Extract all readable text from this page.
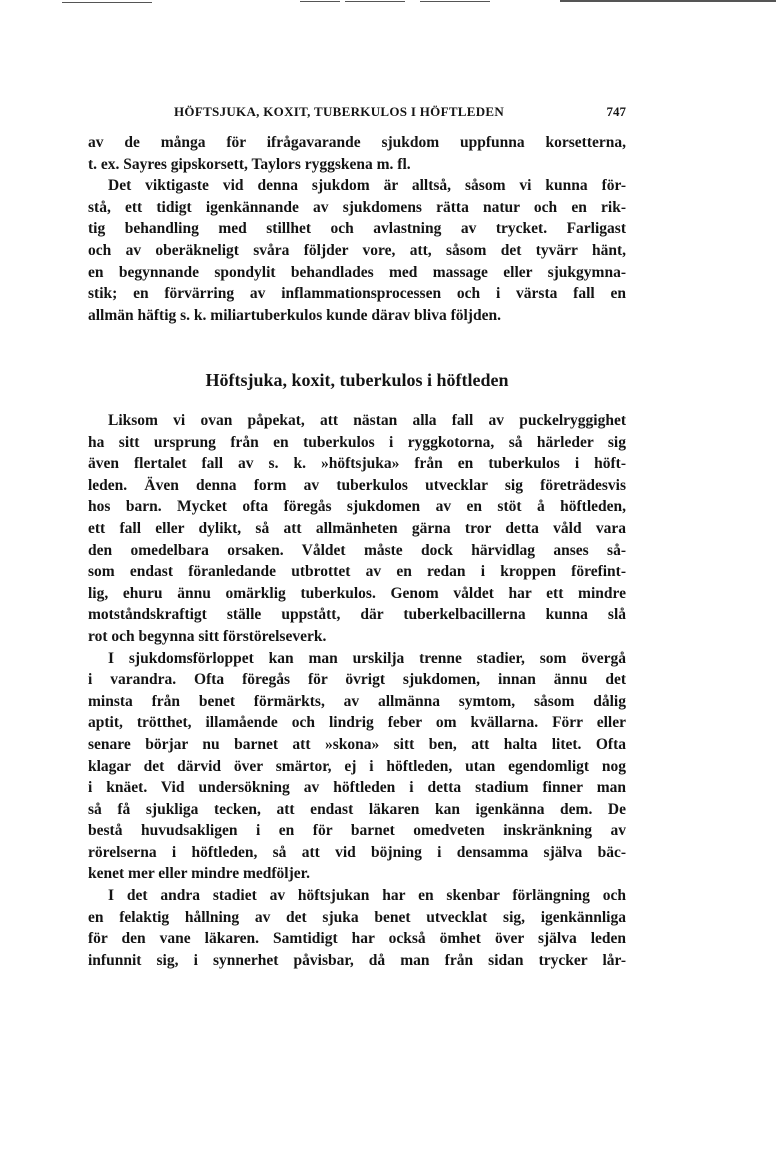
HÖFTSJUKA, KOXIT, TUBERKULOS I HÖFTLEDEN	747
av de många för ifrågavarande sjukdom uppfunna korsetterna,
t. ex. Sayres gipskorsett, Taylors ryggskena m. fl.
Det viktigaste vid denna sjukdom är alltså, såsom vi kunna för-
stå, ett tidigt igenkännande av sjukdomens rätta natur och en rik-
tig behandling med stillhet och avlastning av trycket. Farligast
och av oberäkneligt svåra följder vore, att, såsom det tyvärr hänt,
en begynnande spondylit behandlades med massage eller sjukgymna-
stik; en förvärring av inflammationsprocessen och i värsta fall en
allmän häftig s. k. miliartuberkulos kunde därav bliva följden.
Höftsjuka, koxit, tuberkulos i höftleden
Liksom vi ovan påpekat, att nästan alla fall av puckelryggighet
ha sitt ursprung från en tuberkulos i ryggkotorna, så härleder sig
även flertalet fall av s. k. »höftsjuka» från en tuberkulos i höft-
leden. Även denna form av tuberkulos utvecklar sig företrädesvis
hos barn. Mycket ofta föregås sjukdomen av en stöt å höftleden,
ett fall eller dylikt, så att allmänheten gärna tror detta våld vara
den omedelbara orsaken. Våldet måste dock härvidlag anses så-
som endast föranledande utbrottet av en redan i kroppen förefint-
lig, ehuru ännu omärklig tuberkulos. Genom våldet har ett mindre
motståndskraftigt ställe uppstått, där tuberkelbacillerna kunna slå
rot och begynna sitt förstörelseverk.
I sjukdomsförloppet kan man urskilja trenne stadier, som övergå
i varandra. Ofta föregås för övrigt sjukdomen, innan ännu det
minsta från benet förmärkts, av allmänna symtom, såsom dålig
aptit, trötthet, illamående och lindrig feber om kvällarna. Förr eller
senare börjar nu barnet att »skona» sitt ben, att halta litet. Ofta
klagar det därvid över smärtor, ej i höftleden, utan egendomligt nog
i knäet. Vid undersökning av höftleden i detta stadium finner man
så få sjukliga tecken, att endast läkaren kan igenkänna dem. De
bestå huvudsakligen i en för barnet omedveten inskränkning av
rörelserna i höftleden, så att vid böjning i densamma själva bäc-
kenet mer eller mindre medföljer.
I det andra stadiet av höftsjukan har en skenbar förlängning och
en felaktig hållning av det sjuka benet utvecklat sig, igenkännliga
för den vane läkaren. Samtidigt har också ömhet över själva leden
infunnit sig, i synnerhet påvisbar, då man från sidan trycker lår-
